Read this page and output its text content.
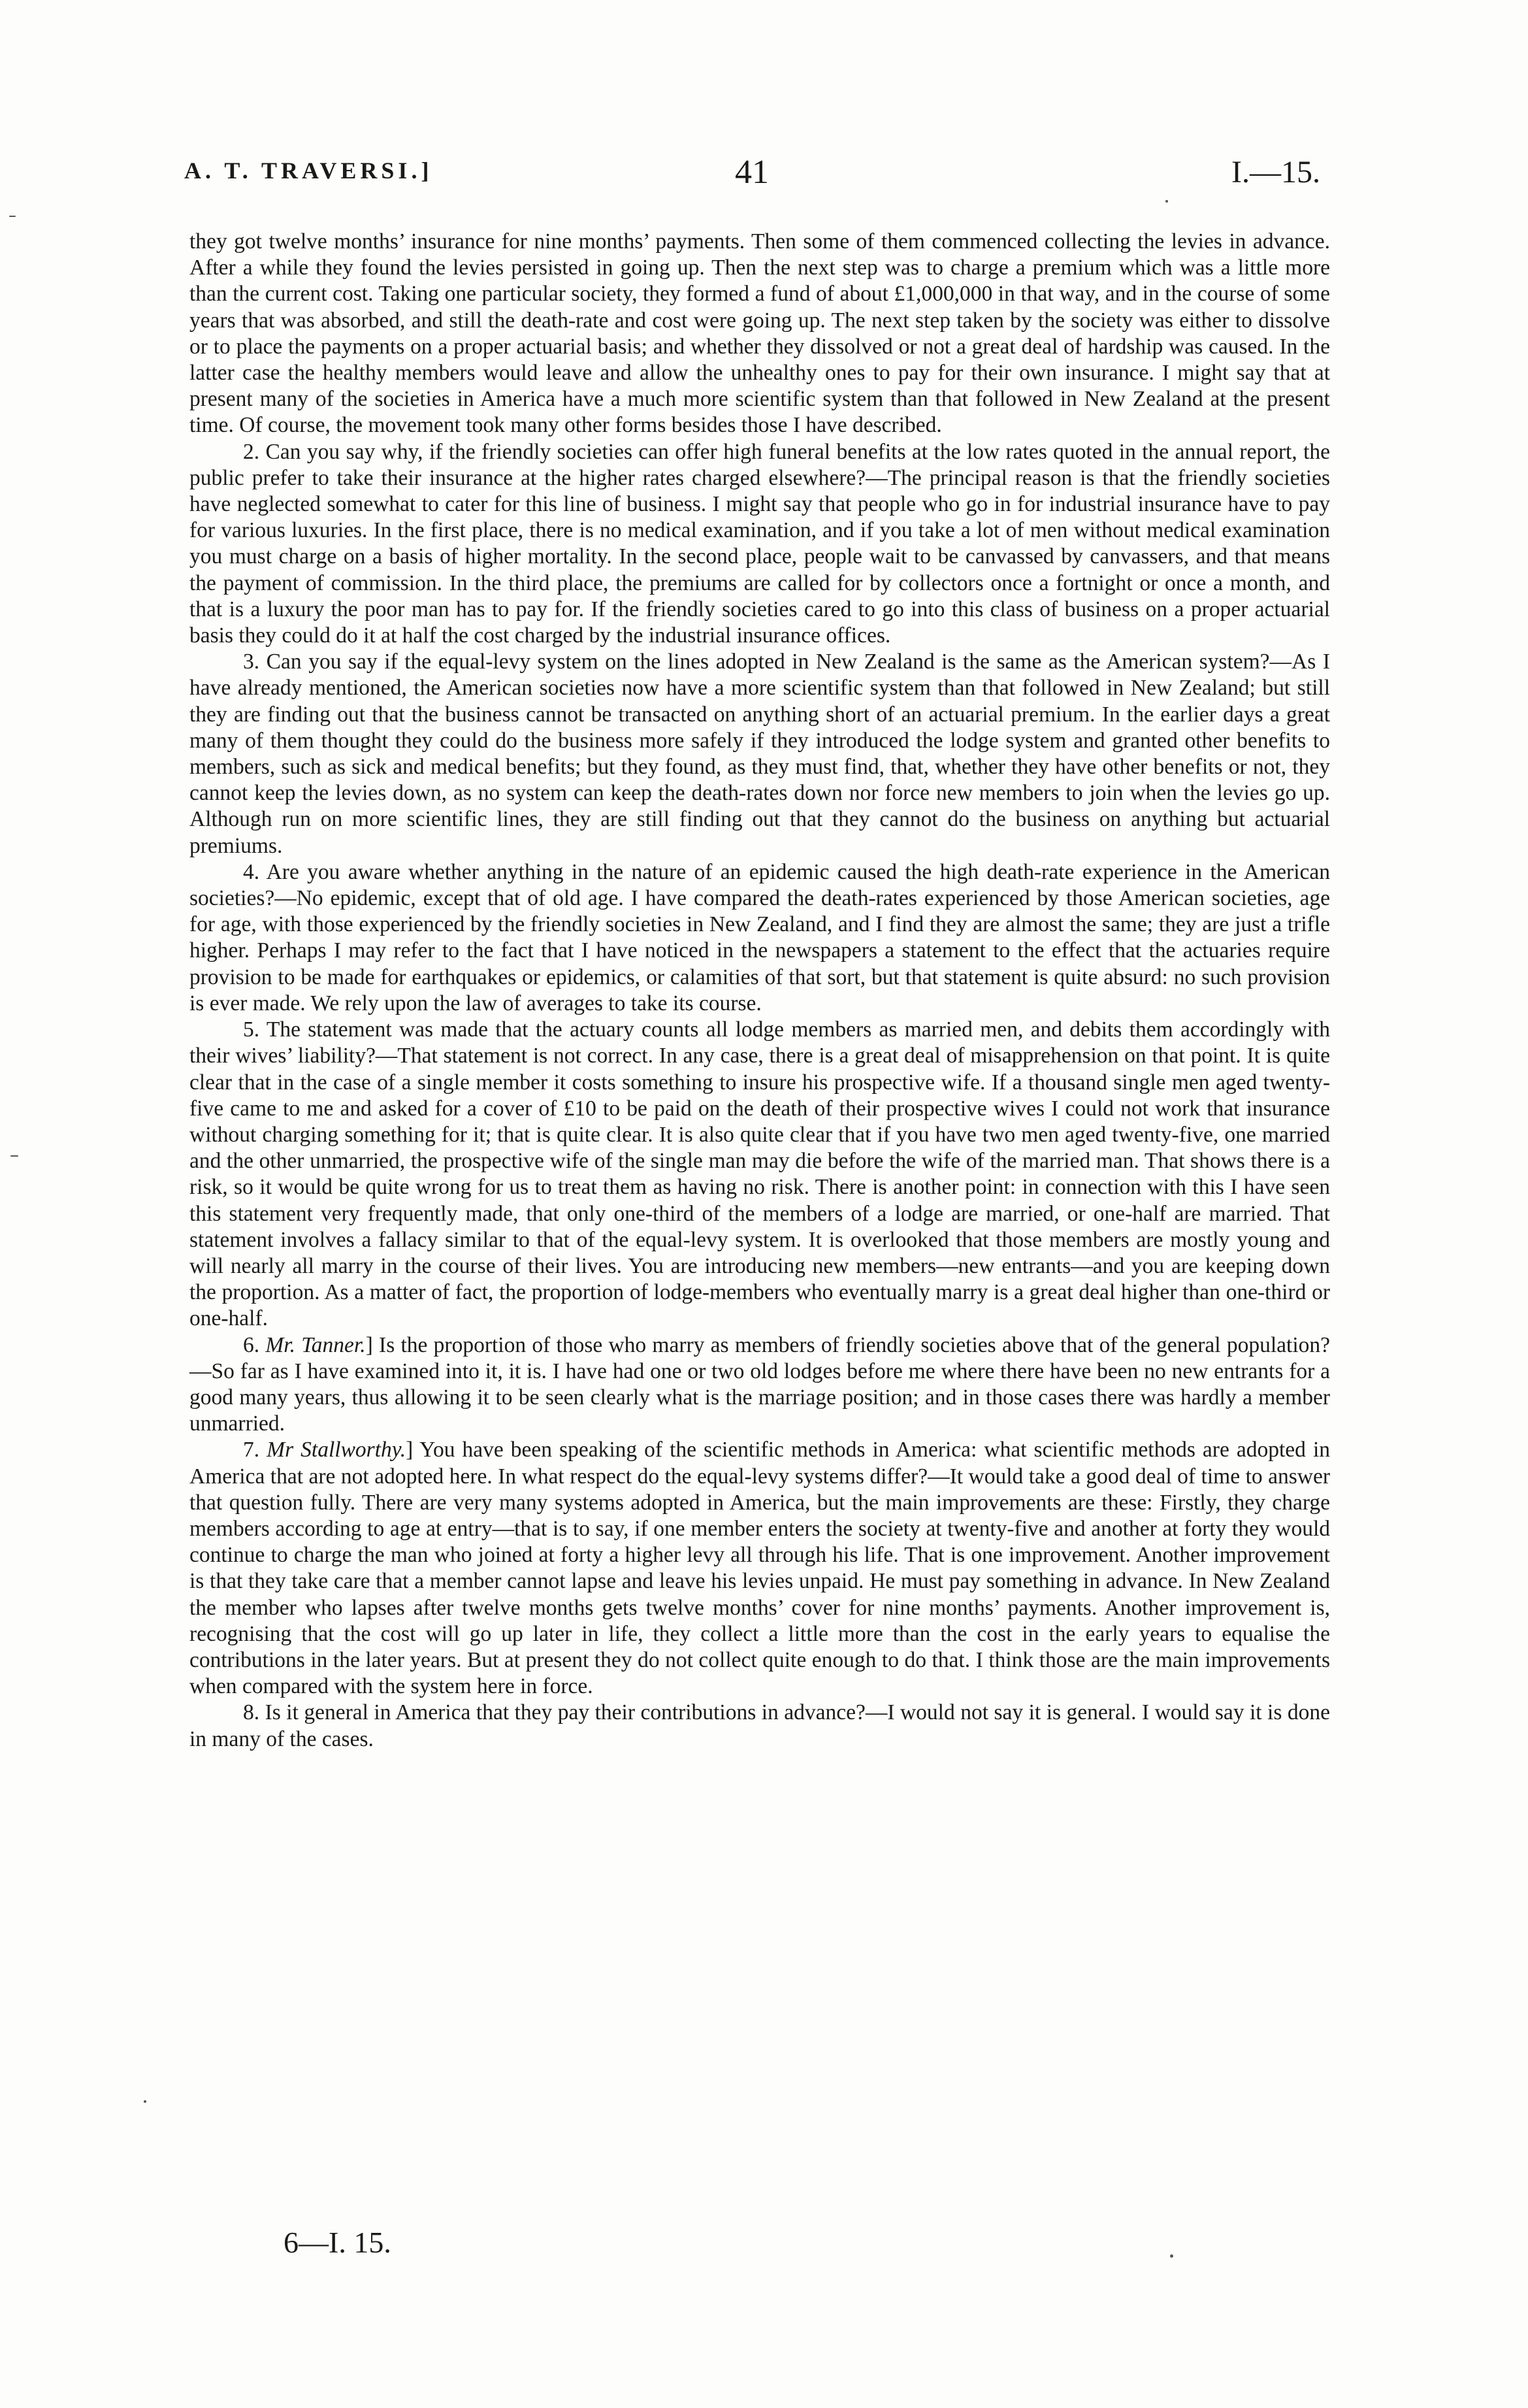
A. T. TRAVERSI.]	41	I.—15.

they got twelve months’ insurance for nine months’ payments. Then some of them commenced collecting the levies in advance. After a while they found the levies persisted in going up. Then the next step was to charge a premium which was a little more than the current cost. Taking one particular society, they formed a fund of about £1,000,000 in that way, and in the course of some years that was absorbed, and still the death-rate and cost were going up. The next step taken by the society was either to dissolve or to place the payments on a proper actuarial basis; and whether they dissolved or not a great deal of hardship was caused. In the latter case the healthy members would leave and allow the unhealthy ones to pay for their own insurance. I might say that at present many of the societies in America have a much more scientific system than that followed in New Zealand at the present time. Of course, the movement took many other forms besides those I have described.

2. Can you say why, if the friendly societies can offer high funeral benefits at the low rates quoted in the annual report, the public prefer to take their insurance at the higher rates charged elsewhere?—The principal reason is that the friendly societies have neglected somewhat to cater for this line of business. I might say that people who go in for industrial insurance have to pay for various luxuries. In the first place, there is no medical examination, and if you take a lot of men without medical examination you must charge on a basis of higher mortality. In the second place, people wait to be canvassed by canvassers, and that means the payment of commission. In the third place, the premiums are called for by collectors once a fortnight or once a month, and that is a luxury the poor man has to pay for. If the friendly societies cared to go into this class of business on a proper actuarial basis they could do it at half the cost charged by the industrial insurance offices.

3. Can you say if the equal-levy system on the lines adopted in New Zealand is the same as the American system?—As I have already mentioned, the American societies now have a more scientific system than that followed in New Zealand; but still they are finding out that the business cannot be transacted on anything short of an actuarial premium. In the earlier days a great many of them thought they could do the business more safely if they introduced the lodge system and granted other benefits to members, such as sick and medical benefits; but they found, as they must find, that, whether they have other benefits or not, they cannot keep the levies down, as no system can keep the death-rates down nor force new members to join when the levies go up. Although run on more scientific lines, they are still finding out that they cannot do the business on anything but actuarial premiums.

4. Are you aware whether anything in the nature of an epidemic caused the high death-rate experience in the American societies?—No epidemic, except that of old age. I have compared the death-rates experienced by those American societies, age for age, with those experienced by the friendly societies in New Zealand, and I find they are almost the same; they are just a trifle higher. Perhaps I may refer to the fact that I have noticed in the newspapers a statement to the effect that the actuaries require provision to be made for earthquakes or epidemics, or calamities of that sort, but that statement is quite absurd: no such provision is ever made. We rely upon the law of averages to take its course.

5. The statement was made that the actuary counts all lodge members as married men, and debits them accordingly with their wives’ liability?—That statement is not correct. In any case, there is a great deal of misapprehension on that point. It is quite clear that in the case of a single member it costs something to insure his prospective wife. If a thousand single men aged twenty-five came to me and asked for a cover of £10 to be paid on the death of their prospective wives I could not work that insurance without charging something for it; that is quite clear. It is also quite clear that if you have two men aged twenty-five, one married and the other unmarried, the prospective wife of the single man may die before the wife of the married man. That shows there is a risk, so it would be quite wrong for us to treat them as having no risk. There is another point: in connection with this I have seen this statement very frequently made, that only one-third of the members of a lodge are married, or one-half are married. That statement involves a fallacy similar to that of the equal-levy system. It is overlooked that those members are mostly young and will nearly all marry in the course of their lives. You are introducing new members—new entrants—and you are keeping down the proportion. As a matter of fact, the proportion of lodge-members who eventually marry is a great deal higher than one-third or one-half.

6. Mr. Tanner.] Is the proportion of those who marry as members of friendly societies above that of the general population?—So far as I have examined into it, it is. I have had one or two old lodges before me where there have been no new entrants for a good many years, thus allowing it to be seen clearly what is the marriage position; and in those cases there was hardly a member unmarried.

7. Mr Stallworthy.] You have been speaking of the scientific methods in America: what scientific methods are adopted in America that are not adopted here. In what respect do the equal-levy systems differ?—It would take a good deal of time to answer that question fully. There are very many systems adopted in America, but the main improvements are these: Firstly, they charge members according to age at entry—that is to say, if one member enters the society at twenty-five and another at forty they would continue to charge the man who joined at forty a higher levy all through his life. That is one improvement. Another improvement is that they take care that a member cannot lapse and leave his levies unpaid. He must pay something in advance. In New Zealand the member who lapses after twelve months gets twelve months’ cover for nine months’ payments. Another improvement is, recognising that the cost will go up later in life, they collect a little more than the cost in the early years to equalise the contributions in the later years. But at present they do not collect quite enough to do that. I think those are the main improvements when compared with the system here in force.

8. Is it general in America that they pay their contributions in advance?—I would not say it is general. I would say it is done in many of the cases.

6—I. 15.
